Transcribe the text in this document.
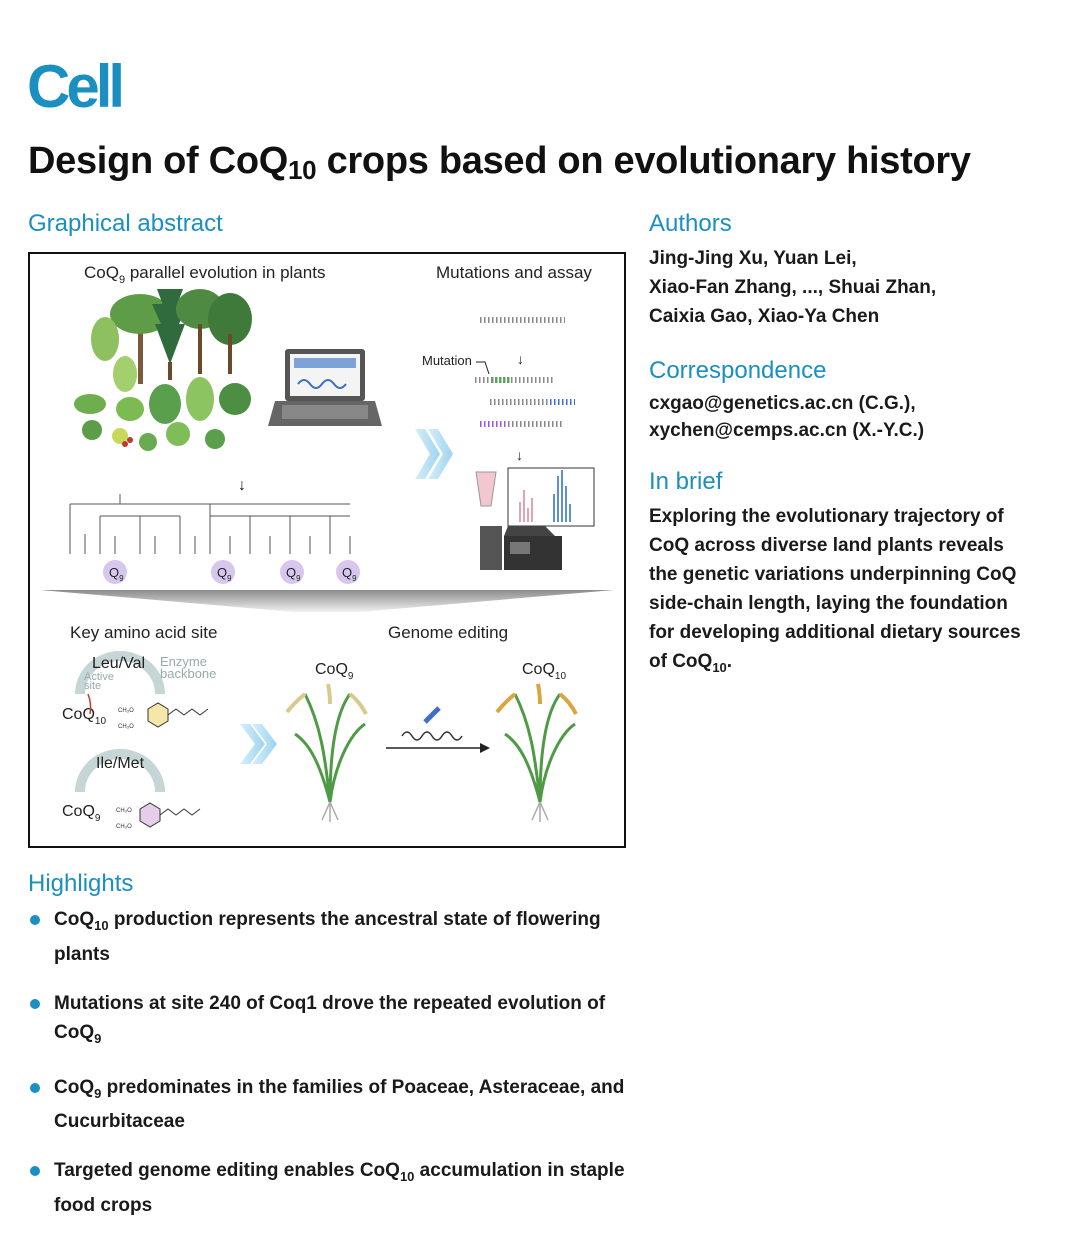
Cell
Design of CoQ$_{10}$ crops based on evolutionary history
Graphical abstract
CoQ$_9$ parallel evolution in plants
↓
$Q_9$	$Q_9$	$Q_9$	$Q_9$
Mutations and assay
↓
Mutation
↓
Key amino acid site
Leu/Val Enzyme backbone
Active site
CoQ$_{10}$
CH₃O
CH₃O
Ile/Met
CoQ$_9$
CH₃O
CH₃O
Genome editing
CoQ$_9$	CoQ$_{10}$
Authors
Jing-Jing Xu, Yuan Lei,
Xiao-Fan Zhang, ..., Shuai Zhan,
Caixia Gao, Xiao-Ya Chen
Correspondence
cxgao@genetics.ac.cn (C.G.),
xychen@cemps.ac.cn (X.-Y.C.)
In brief
Exploring the evolutionary trajectory of
CoQ across diverse land plants reveals
the genetic variations underpinning CoQ
side-chain length, laying the foundation
for developing additional dietary sources
of CoQ$_{10}$.
Highlights
CoQ$_{10}$ production represents the ancestral state of flowering plants
Mutations at site 240 of Coq1 drove the repeated evolution of CoQ$_9$
CoQ$_9$ predominates in the families of Poaceae, Asteraceae, and Cucurbitaceae
Targeted genome editing enables CoQ$_{10}$ accumulation in staple food crops
